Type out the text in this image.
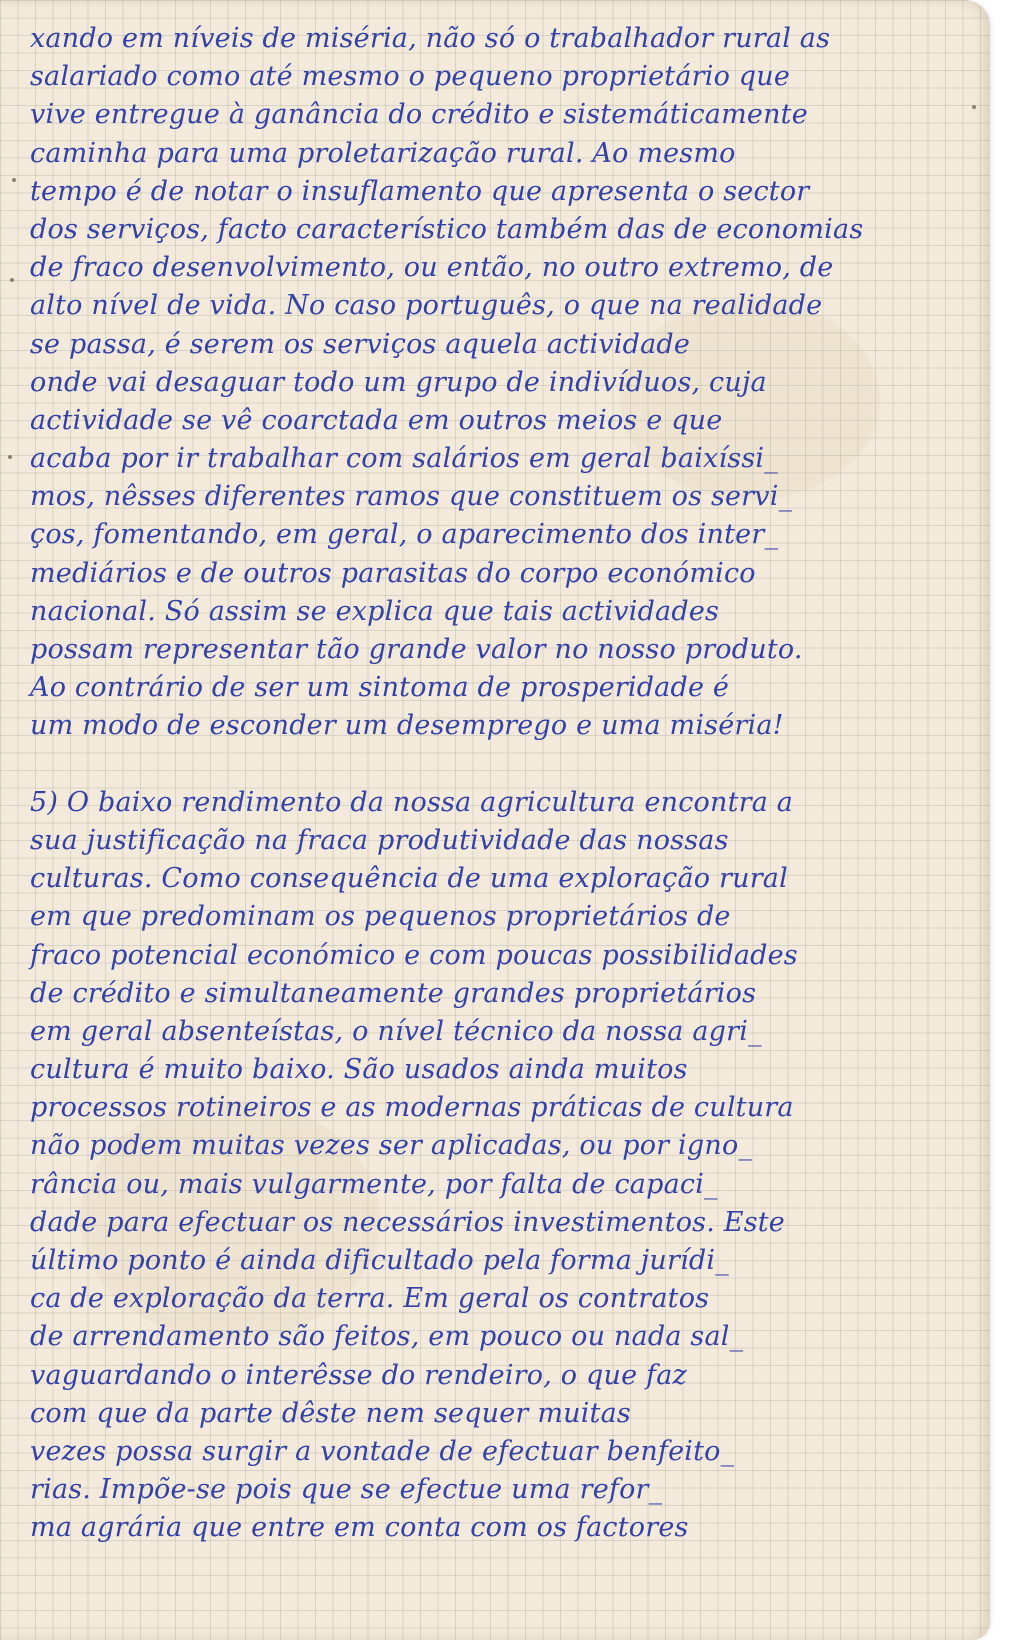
xando em níveis de miséria, não só o trabalhador rural as
salariado como até mesmo o pequeno proprietário que
vive entregue à ganância do crédito e sistemáticamente
caminha para uma proletarização rural. Ao mesmo
tempo é de notar o insuflamento que apresenta o sector
dos serviços, facto característico também das de economias
de fraco desenvolvimento, ou então, no outro extremo, de
alto nível de vida. No caso português, o que na realidade
se passa, é serem os serviços aquela actividade
onde vai desaguar todo um grupo de indivíduos, cuja
actividade se vê coarctada em outros meios e que
acaba por ir trabalhar com salários em geral baixíssi_
mos, nêsses diferentes ramos que constituem os servi_
ços, fomentando, em geral, o aparecimento dos inter_
mediários e de outros parasitas do corpo económico
nacional. Só assim se explica que tais actividades
possam representar tão grande valor no nosso produto.
Ao contrário de ser um sintoma de prosperidade é
um modo de esconder um desemprego e uma miséria!
5) O baixo rendimento da nossa agricultura encontra a
sua justificação na fraca produtividade das nossas
culturas. Como consequência de uma exploração rural
em que predominam os pequenos proprietários de
fraco potencial económico e com poucas possibilidades
de crédito e simultaneamente grandes proprietários
em geral absenteístas, o nível técnico da nossa agri_
cultura é muito baixo. São usados ainda muitos
processos rotineiros e as modernas práticas de cultura
não podem muitas vezes ser aplicadas, ou por igno_
rância ou, mais vulgarmente, por falta de capaci_
dade para efectuar os necessários investimentos. Este
último ponto é ainda dificultado pela forma jurídi_
ca de exploração da terra. Em geral os contratos
de arrendamento são feitos, em pouco ou nada sal_
vaguardando o interêsse do rendeiro, o que faz
com que da parte dêste nem sequer muitas
vezes possa surgir a vontade de efectuar benfeito_
rias. Impõe-se pois que se efectue uma refor_
ma agrária que entre em conta com os factores
